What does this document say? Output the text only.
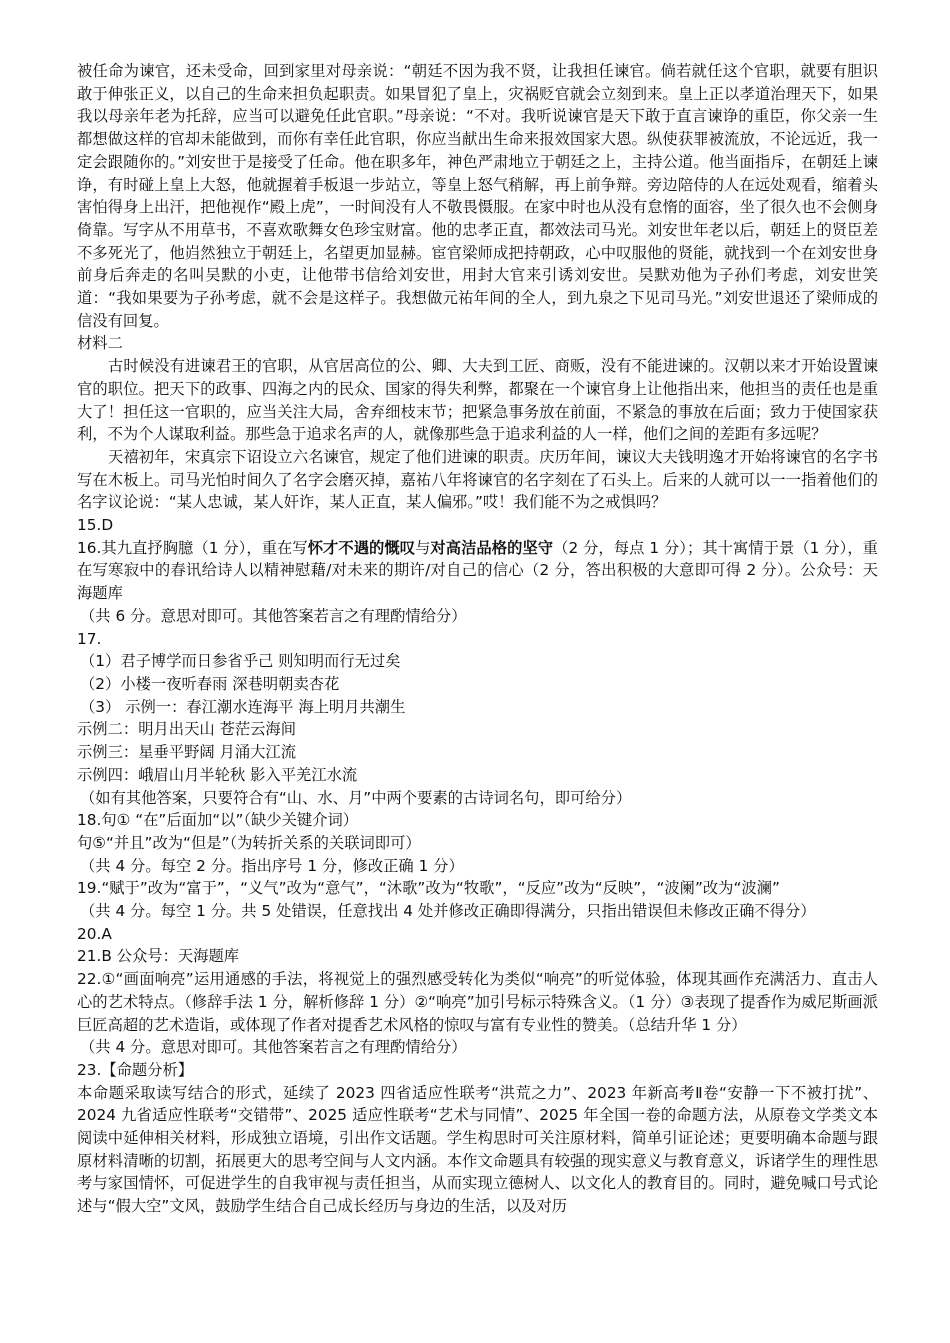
被任命为谏官，还未受命，回到家里对母亲说：“朝廷不因为我不贤，让我担任谏官。倘若就任这个官职，就要有胆识敢于伸张正义，以自己的生命来担负起职责。如果冒犯了皇上，灾祸贬官就会立刻到来。皇上正以孝道治理天下，如果我以母亲年老为托辞，应当可以避免任此官职。”母亲说：“不对。我听说谏官是天下敢于直言谏诤的重臣，你父亲一生都想做这样的官却未能做到，而你有幸任此官职，你应当献出生命来报效国家大恩。纵使获罪被流放，不论远近，我一定会跟随你的。”刘安世于是接受了任命。他在职多年，神色严肃地立于朝廷之上，主持公道。他当面指斥，在朝廷上谏诤，有时碰上皇上大怒，他就握着手板退一步站立，等皇上怒气稍解，再上前争辩。旁边陪侍的人在远处观看，缩着头害怕得身上出汗，把他视作“殿上虎”，一时间没有人不敬畏慑服。在家中时也从没有怠惰的面容，坐了很久也不会侧身倚靠。写字从不用草书，不喜欢歌舞女色珍宝财富。他的忠孝正直，都效法司马光。刘安世年老以后，朝廷上的贤臣差不多死光了，他岿然独立于朝廷上，名望更加显赫。宦官梁师成把持朝政，心中叹服他的贤能，就找到一个在刘安世身前身后奔走的名叫吴默的小吏，让他带书信给刘安世，用封大官来引诱刘安世。吴默劝他为子孙们考虑，刘安世笑道：“我如果要为子孙考虑，就不会是这样子。我想做元祐年间的全人，到九泉之下见司马光。”刘安世退还了梁师成的信没有回复。

材料二

古时候没有进谏君王的官职，从官居高位的公、卿、大夫到工匠、商贩，没有不能进谏的。汉朝以来才开始设置谏官的职位。把天下的政事、四海之内的民众、国家的得失利弊，都聚在一个谏官身上让他指出来，他担当的责任也是重大了！担任这一官职的，应当关注大局，舍弃细枝末节；把紧急事务放在前面，不紧急的事放在后面；致力于使国家获利，不为个人谋取利益。那些急于追求名声的人，就像那些急于追求利益的人一样，他们之间的差距有多远呢？

天禧初年，宋真宗下诏设立六名谏官，规定了他们进谏的职责。庆历年间，谏议大夫钱明逸才开始将谏官的名字书写在木板上。司马光怕时间久了名字会磨灭掉，嘉祐八年将谏官的名字刻在了石头上。后来的人就可以一一指着他们的名字议论说：“某人忠诚，某人奸诈，某人正直，某人偏邪。”哎！我们能不为之戒惧吗？

15.D

16.其九直抒胸臆（1 分），重在写怀才不遇的慨叹与对高洁品格的坚守（2 分，每点 1 分）；其十寓情于景（1 分），重在写寒寂中的春讯给诗人以精神慰藉/对未来的期许/对自己的信心（2 分，答出积极的大意即可得 2 分）。公众号：天海题库

（共 6 分。意思对即可。其他答案若言之有理酌情给分）

17.

（1）君子博学而日参省乎己 则知明而行无过矣

（2）小楼一夜听春雨 深巷明朝卖杏花

（3） 示例一：春江潮水连海平 海上明月共潮生

示例二：明月出天山 苍茫云海间

示例三：星垂平野阔 月涌大江流

示例四：峨眉山月半轮秋 影入平羌江水流

（如有其他答案，只要符合有“山、水、月”中两个要素的古诗词名句，即可给分）

18.句① “在”后面加“以”（缺少关键介词）

句⑤“并且”改为“但是”（为转折关系的关联词即可）

（共 4 分。每空 2 分。指出序号 1 分，修改正确 1 分）

19.“赋于”改为“富于”，“义气”改为“意气”，“沐歌”改为“牧歌”，“反应”改为“反映”，“波阑”改为“波澜”

（共 4 分。每空 1 分。共 5 处错误，任意找出 4 处并修改正确即得满分，只指出错误但未修改正确不得分）

20.A

21.B 公众号：天海题库

22.①“画面响亮”运用通感的手法，将视觉上的强烈感受转化为类似“响亮”的听觉体验，体现其画作充满活力、直击人心的艺术特点。（修辞手法 1 分，解析修辞 1 分）②“响亮”加引号标示特殊含义。（1 分）③表现了提香作为威尼斯画派巨匠高超的艺术造诣，或体现了作者对提香艺术风格的惊叹与富有专业性的赞美。（总结升华 1 分）

（共 4 分。意思对即可。其他答案若言之有理酌情给分）

23.【命题分析】

本命题采取读写结合的形式，延续了 2023 四省适应性联考“洪荒之力”、2023 年新高考Ⅱ卷“安静一下不被打扰”、2024 九省适应性联考“交错带”、2025 适应性联考“艺术与同情”、2025 年全国一卷的命题方法，从原卷文学类文本阅读中延伸相关材料，形成独立语境，引出作文话题。学生构思时可关注原材料，简单引证论述；更要明确本命题与跟原材料清晰的切割，拓展更大的思考空间与人文内涵。本作文命题具有较强的现实意义与教育意义，诉诸学生的理性思考与家国情怀，可促进学生的自我审视与责任担当，从而实现立德树人、以文化人的教育目的。同时，避免喊口号式论述与“假大空”文风，鼓励学生结合自己成长经历与身边的生活，以及对历
